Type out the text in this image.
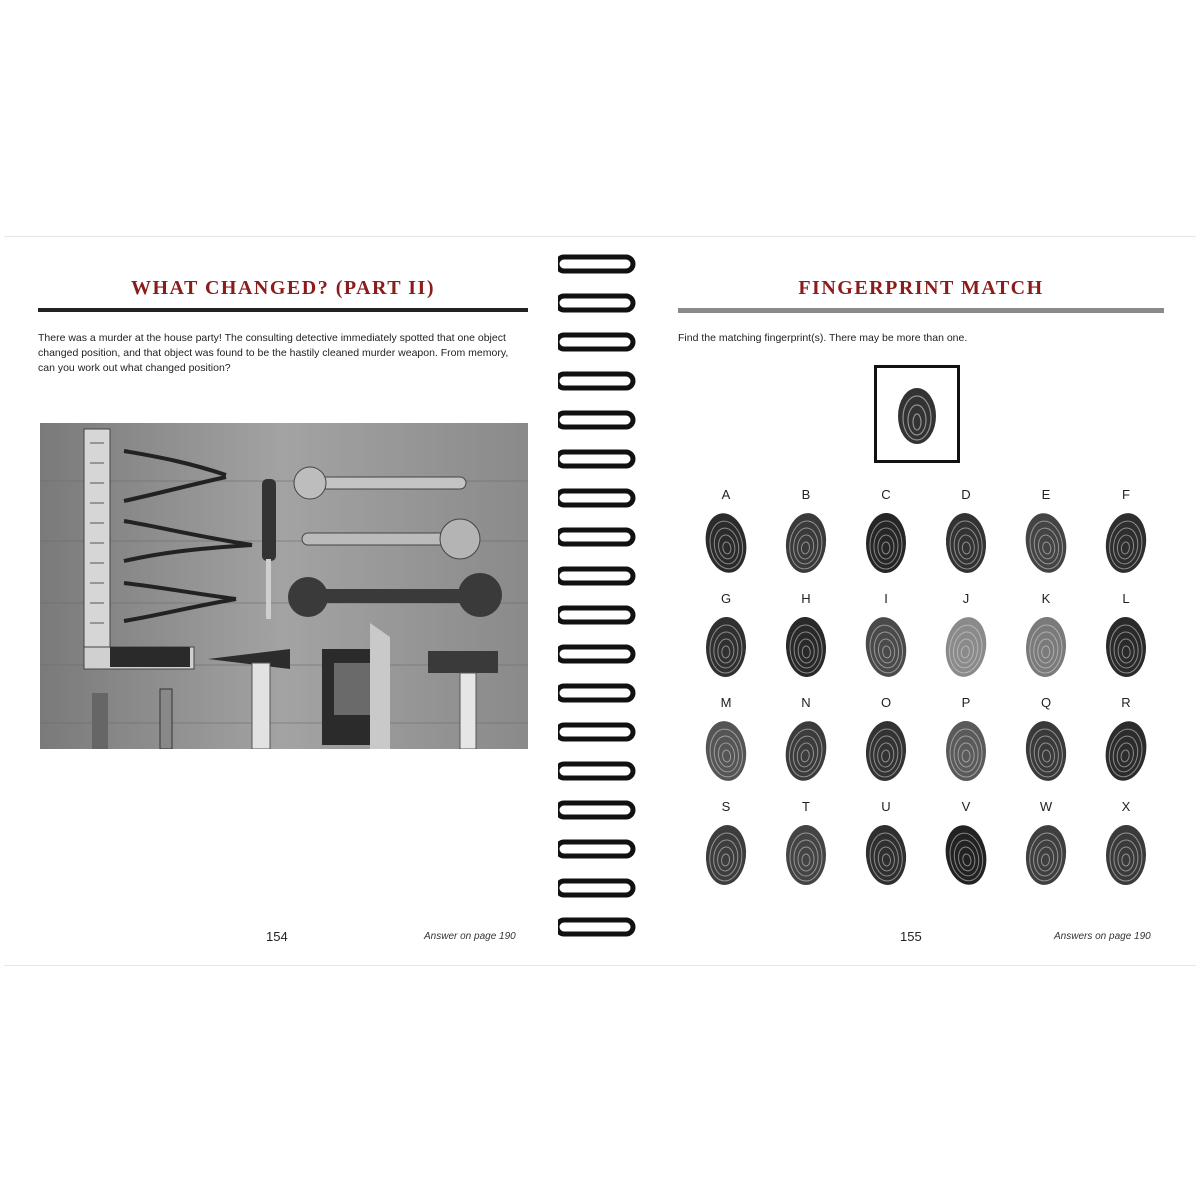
WHAT CHANGED? (PART II)

There was a murder at the house party! The consulting detective immediately spotted that one object changed position, and that object was found to be the hastily cleaned murder weapon. From memory, can you work out what changed position?

154	Answer on page 190
FINGERPRINT MATCH

Find the matching fingerprint(s). There may be more than one.

A	B	C	D	E	F
G	H	I	J	K	L
M	N	O	P	Q	R
S	T	U	V	W	X
155	Answers on page 190
